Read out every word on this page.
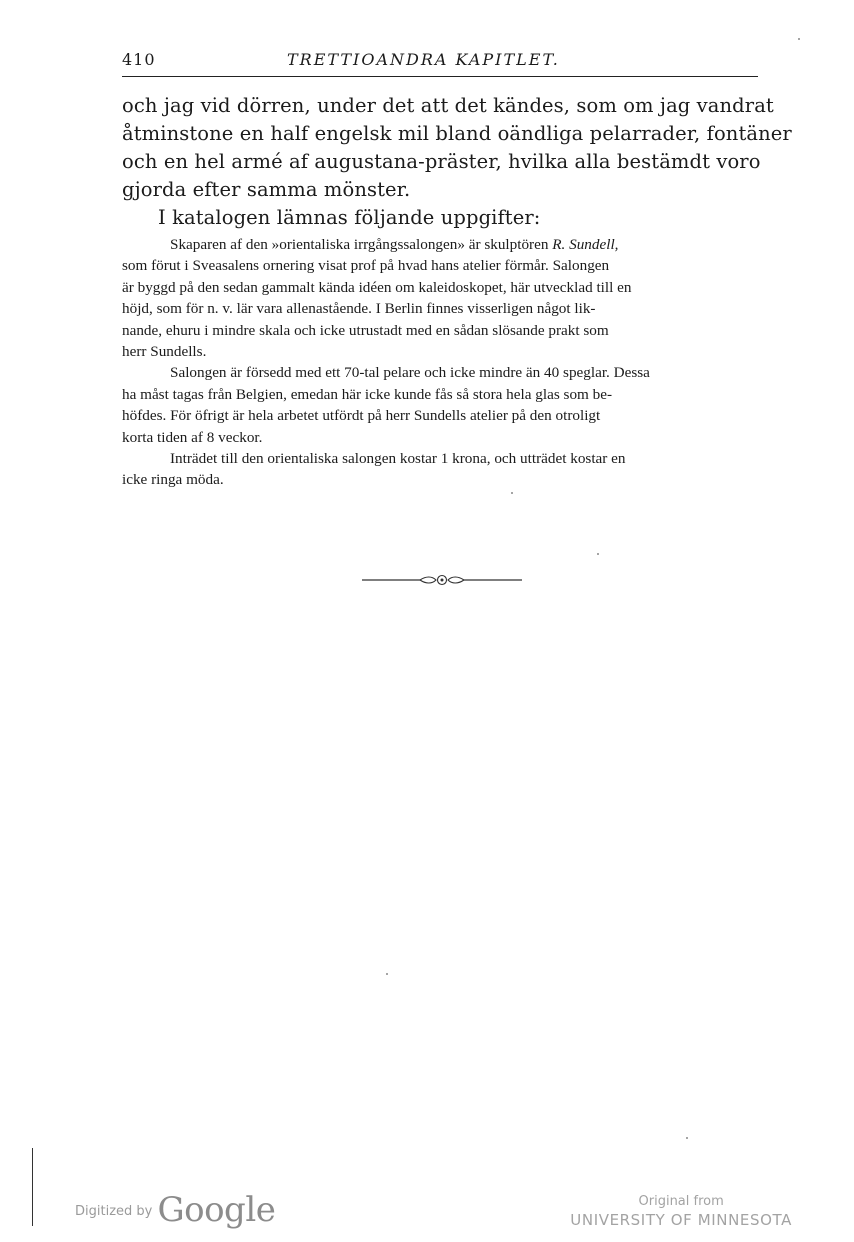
410	TRETTIOANDRA KAPITLET.

och jag vid dörren, under det att det kändes, som om jag vandrat
åtminstone en half engelsk mil bland oändliga pelarrader, fontäner
och en hel armé af augustana-präster, hvilka alla bestämdt voro
gjorda efter samma mönster.

I katalogen lämnas följande uppgifter:

Skaparen af den »orientaliska irrgångssalongen» är skulptören R. Sundell,
som förut i Sveasalens ornering visat prof på hvad hans atelier förmår. Salongen
är byggd på den sedan gammalt kända idéen om kaleidoskopet, här utvecklad till en
höjd, som för n. v. lär vara allenastående. I Berlin finnes visserligen något lik-
nande, ehuru i mindre skala och icke utrustadt med en sådan slösande prakt som
herr Sundells.

Salongen är försedd med ett 70-tal pelare och icke mindre än 40 speglar. Dessa
ha måst tagas från Belgien, emedan här icke kunde fås så stora hela glas som be-
höfdes. För öfrigt är hela arbetet utfördt på herr Sundells atelier på den otroligt
korta tiden af 8 veckor.

Inträdet till den orientaliska salongen kostar 1 krona, och utträdet kostar en
icke ringa möda.

$^{Digitized by}$ Google	Original from
UNIVERSITY OF MINNESOTA
